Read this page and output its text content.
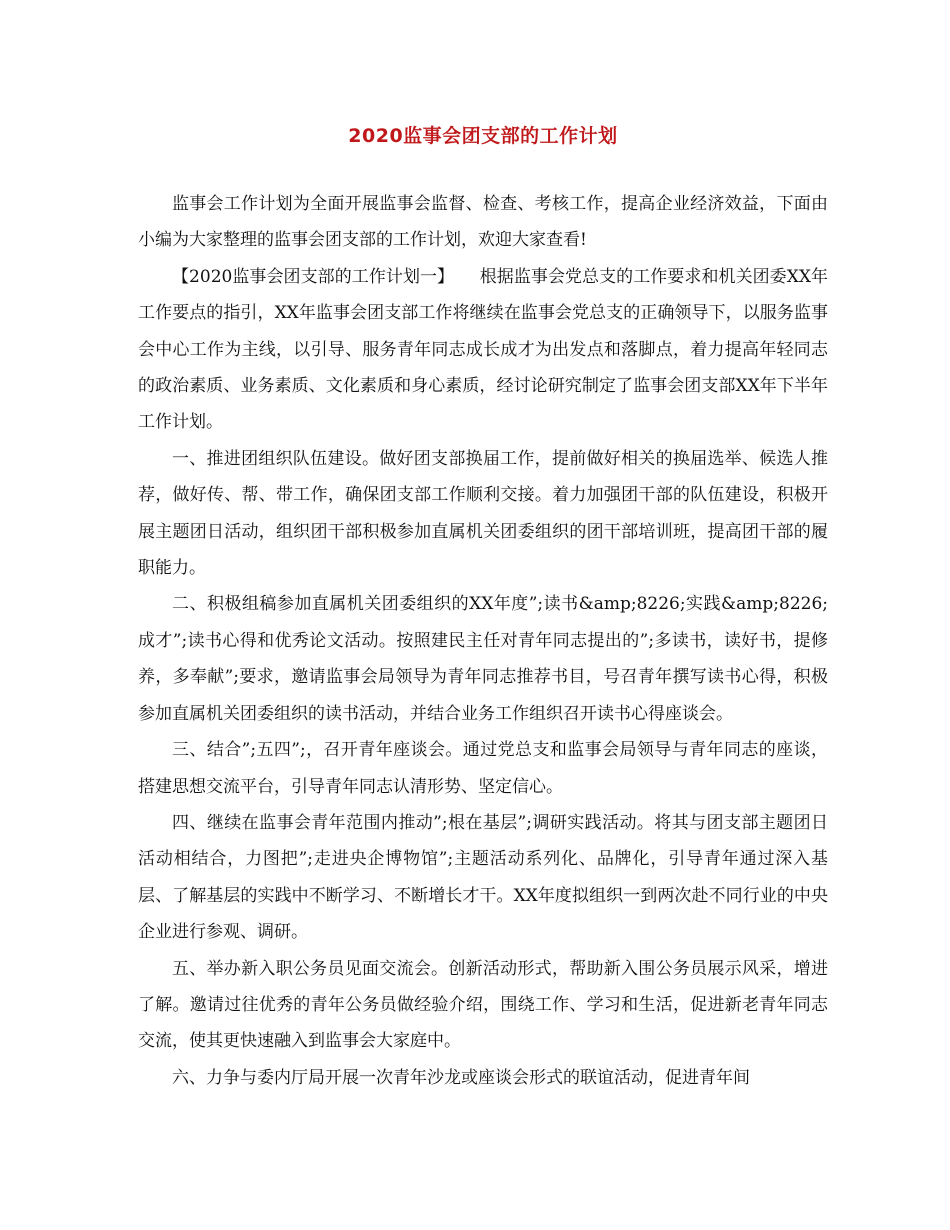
2020监事会团支部的工作计划

监事会工作计划为全面开展监事会监督、检查、考核工作，提高企业经济效益，下面由小编为大家整理的监事会团支部的工作计划，欢迎大家查看!

【2020监事会团支部的工作计划一】　　根据监事会党总支的工作要求和机关团委XX年工作要点的指引，XX年监事会团支部工作将继续在监事会党总支的正确领导下，以服务监事会中心工作为主线，以引导、服务青年同志成长成才为出发点和落脚点，着力提高年轻同志的政治素质、业务素质、文化素质和身心素质，经讨论研究制定了监事会团支部XX年下半年工作计划。

一、推进团组织队伍建设。做好团支部换届工作，提前做好相关的换届选举、候选人推荐，做好传、帮、带工作，确保团支部工作顺利交接。着力加强团干部的队伍建设，积极开展主题团日活动，组织团干部积极参加直属机关团委组织的团干部培训班，提高团干部的履职能力。

二、积极组稿参加直属机关团委组织的XX年度”;读书&amp;8226;实践&amp;8226;成才”;读书心得和优秀论文活动。按照建民主任对青年同志提出的”;多读书，读好书，提修养，多奉献”;要求，邀请监事会局领导为青年同志推荐书目，号召青年撰写读书心得，积极参加直属机关团委组织的读书活动，并结合业务工作组织召开读书心得座谈会。

三、结合”;五四”;，召开青年座谈会。通过党总支和监事会局领导与青年同志的座谈，搭建思想交流平台，引导青年同志认清形势、坚定信心。

四、继续在监事会青年范围内推动”;根在基层”;调研实践活动。将其与团支部主题团日活动相结合，力图把”;走进央企博物馆”;主题活动系列化、品牌化，引导青年通过深入基层、了解基层的实践中不断学习、不断增长才干。XX年度拟组织一到两次赴不同行业的中央企业进行参观、调研。

五、举办新入职公务员见面交流会。创新活动形式，帮助新入围公务员展示风采，增进了解。邀请过往优秀的青年公务员做经验介绍，围绕工作、学习和生活，促进新老青年同志交流，使其更快速融入到监事会大家庭中。

六、力争与委内厅局开展一次青年沙龙或座谈会形式的联谊活动，促进青年间
